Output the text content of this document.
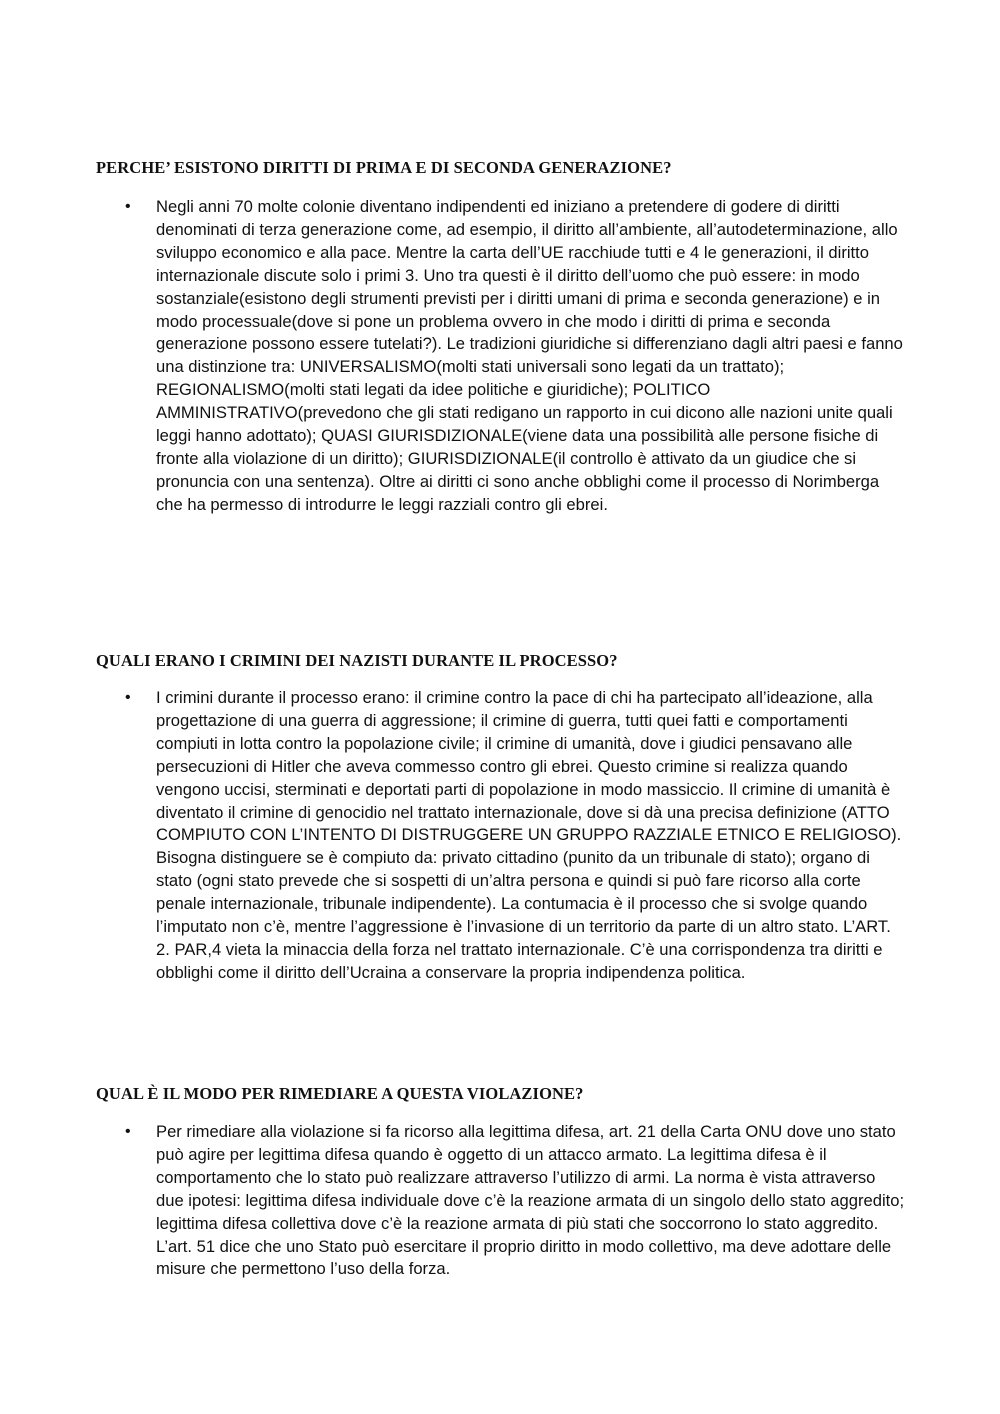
PERCHE’ ESISTONO DIRITTI DI PRIMA E DI SECONDA GENERAZIONE?
• Negli anni 70 molte colonie diventano indipendenti ed iniziano a pretendere di godere di diritti denominati di terza generazione come, ad esempio, il diritto all’ambiente, all’autodeterminazione, allo sviluppo economico e alla pace. Mentre la carta dell’UE racchiude tutti e 4 le generazioni, il diritto internazionale discute solo i primi 3. Uno tra questi è il diritto dell’uomo che può essere: in modo sostanziale(esistono degli strumenti previsti per i diritti umani di prima e seconda generazione) e in modo processuale(dove si pone un problema ovvero in che modo i diritti di prima e seconda generazione possono essere tutelati?). Le tradizioni giuridiche si differenziano dagli altri paesi e fanno una distinzione tra: UNIVERSALISMO(molti stati universali sono legati da un trattato); REGIONALISMO(molti stati legati da idee politiche e giuridiche); POLITICO AMMINISTRATIVO(prevedono che gli stati redigano un rapporto in cui dicono alle nazioni unite quali leggi hanno adottato); QUASI GIURISDIZIONALE(viene data una possibilità alle persone fisiche di fronte alla violazione di un diritto); GIURISDIZIONALE(il controllo è attivato da un giudice che si pronuncia con una sentenza). Oltre ai diritti ci sono anche obblighi come il processo di Norimberga che ha permesso di introdurre le leggi razziali contro gli ebrei.
QUALI ERANO I CRIMINI DEI NAZISTI DURANTE IL PROCESSO?
• I crimini durante il processo erano: il crimine contro la pace di chi ha partecipato all’ideazione, alla progettazione di una guerra di aggressione; il crimine di guerra, tutti quei fatti e comportamenti compiuti in lotta contro la popolazione civile; il crimine di umanità, dove i giudici pensavano alle persecuzioni di Hitler che aveva commesso contro gli ebrei. Questo crimine si realizza quando vengono uccisi, sterminati e deportati parti di popolazione in modo massiccio. Il crimine di umanità è diventato il crimine di genocidio nel trattato internazionale, dove si dà una precisa definizione (ATTO COMPIUTO CON L’INTENTO DI DISTRUGGERE UN GRUPPO RAZZIALE ETNICO E RELIGIOSO). Bisogna distinguere se è compiuto da: privato cittadino (punito da un tribunale di stato); organo di stato (ogni stato prevede che si sospetti di un’altra persona e quindi si può fare ricorso alla corte penale internazionale, tribunale indipendente). La contumacia è il processo che si svolge quando l’imputato non c’è, mentre l’aggressione è l’invasione di un territorio da parte di un altro stato. L’ART. 2. PAR,4 vieta la minaccia della forza nel trattato internazionale. C’è una corrispondenza tra diritti e obblighi come il diritto dell’Ucraina a conservare la propria indipendenza politica.
QUAL È IL MODO PER RIMEDIARE A QUESTA VIOLAZIONE?
• Per rimediare alla violazione si fa ricorso alla legittima difesa, art. 21 della Carta ONU dove uno stato può agire per legittima difesa quando è oggetto di un attacco armato. La legittima difesa è il comportamento che lo stato può realizzare attraverso l’utilizzo di armi. La norma è vista attraverso due ipotesi: legittima difesa individuale dove c’è la reazione armata di un singolo dello stato aggredito; legittima difesa collettiva dove c’è la reazione armata di più stati che soccorrono lo stato aggredito. L’art. 51 dice che uno Stato può esercitare il proprio diritto in modo collettivo, ma deve adottare delle misure che permettono l’uso della forza.
